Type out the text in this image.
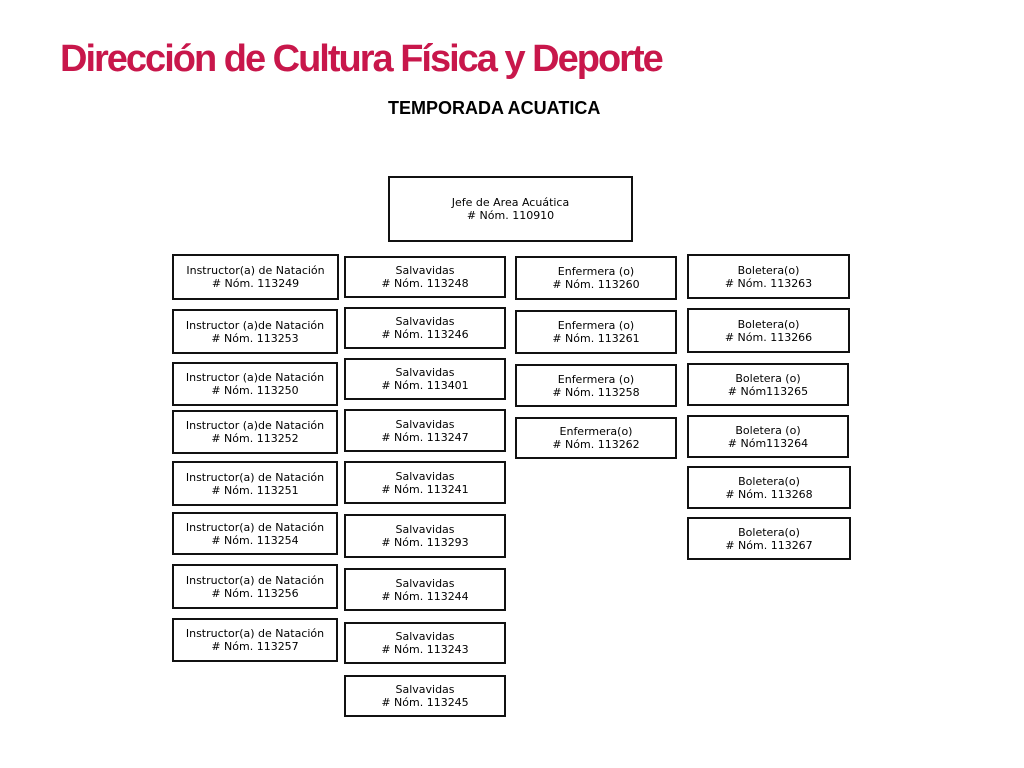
Dirección de Cultura Física y Deporte
TEMPORADA ACUATICA
Jefe de Area Acuática
# Nóm. 110910
Instructor(a) de Natación
# Nóm. 113249
Instructor (a)de Natación
# Nóm. 113253
Instructor (a)de Natación
# Nóm. 113250
Instructor (a)de Natación
# Nóm. 113252
Instructor(a) de Natación
# Nóm. 113251
Instructor(a) de Natación
# Nóm. 113254
Instructor(a) de Natación
# Nóm. 113256
Instructor(a) de Natación
# Nóm. 113257
Salvavidas
# Nóm. 113248
Salvavidas
# Nóm. 113246
Salvavidas
# Nóm. 113401
Salvavidas
# Nóm. 113247
Salvavidas
# Nóm. 113241
Salvavidas
# Nóm. 113293
Salvavidas
# Nóm. 113244
Salvavidas
# Nóm. 113243
Salvavidas
# Nóm. 113245
Enfermera (o)
# Nóm. 113260
Enfermera (o)
# Nóm. 113261
Enfermera (o)
# Nóm. 113258
Enfermera(o)
# Nóm. 113262
Boletera(o)
# Nóm. 113263
Boletera(o)
# Nóm. 113266
Boletera (o)
# Nóm113265
Boletera (o)
# Nóm113264
Boletera(o)
# Nóm. 113268
Boletera(o)
# Nóm. 113267
